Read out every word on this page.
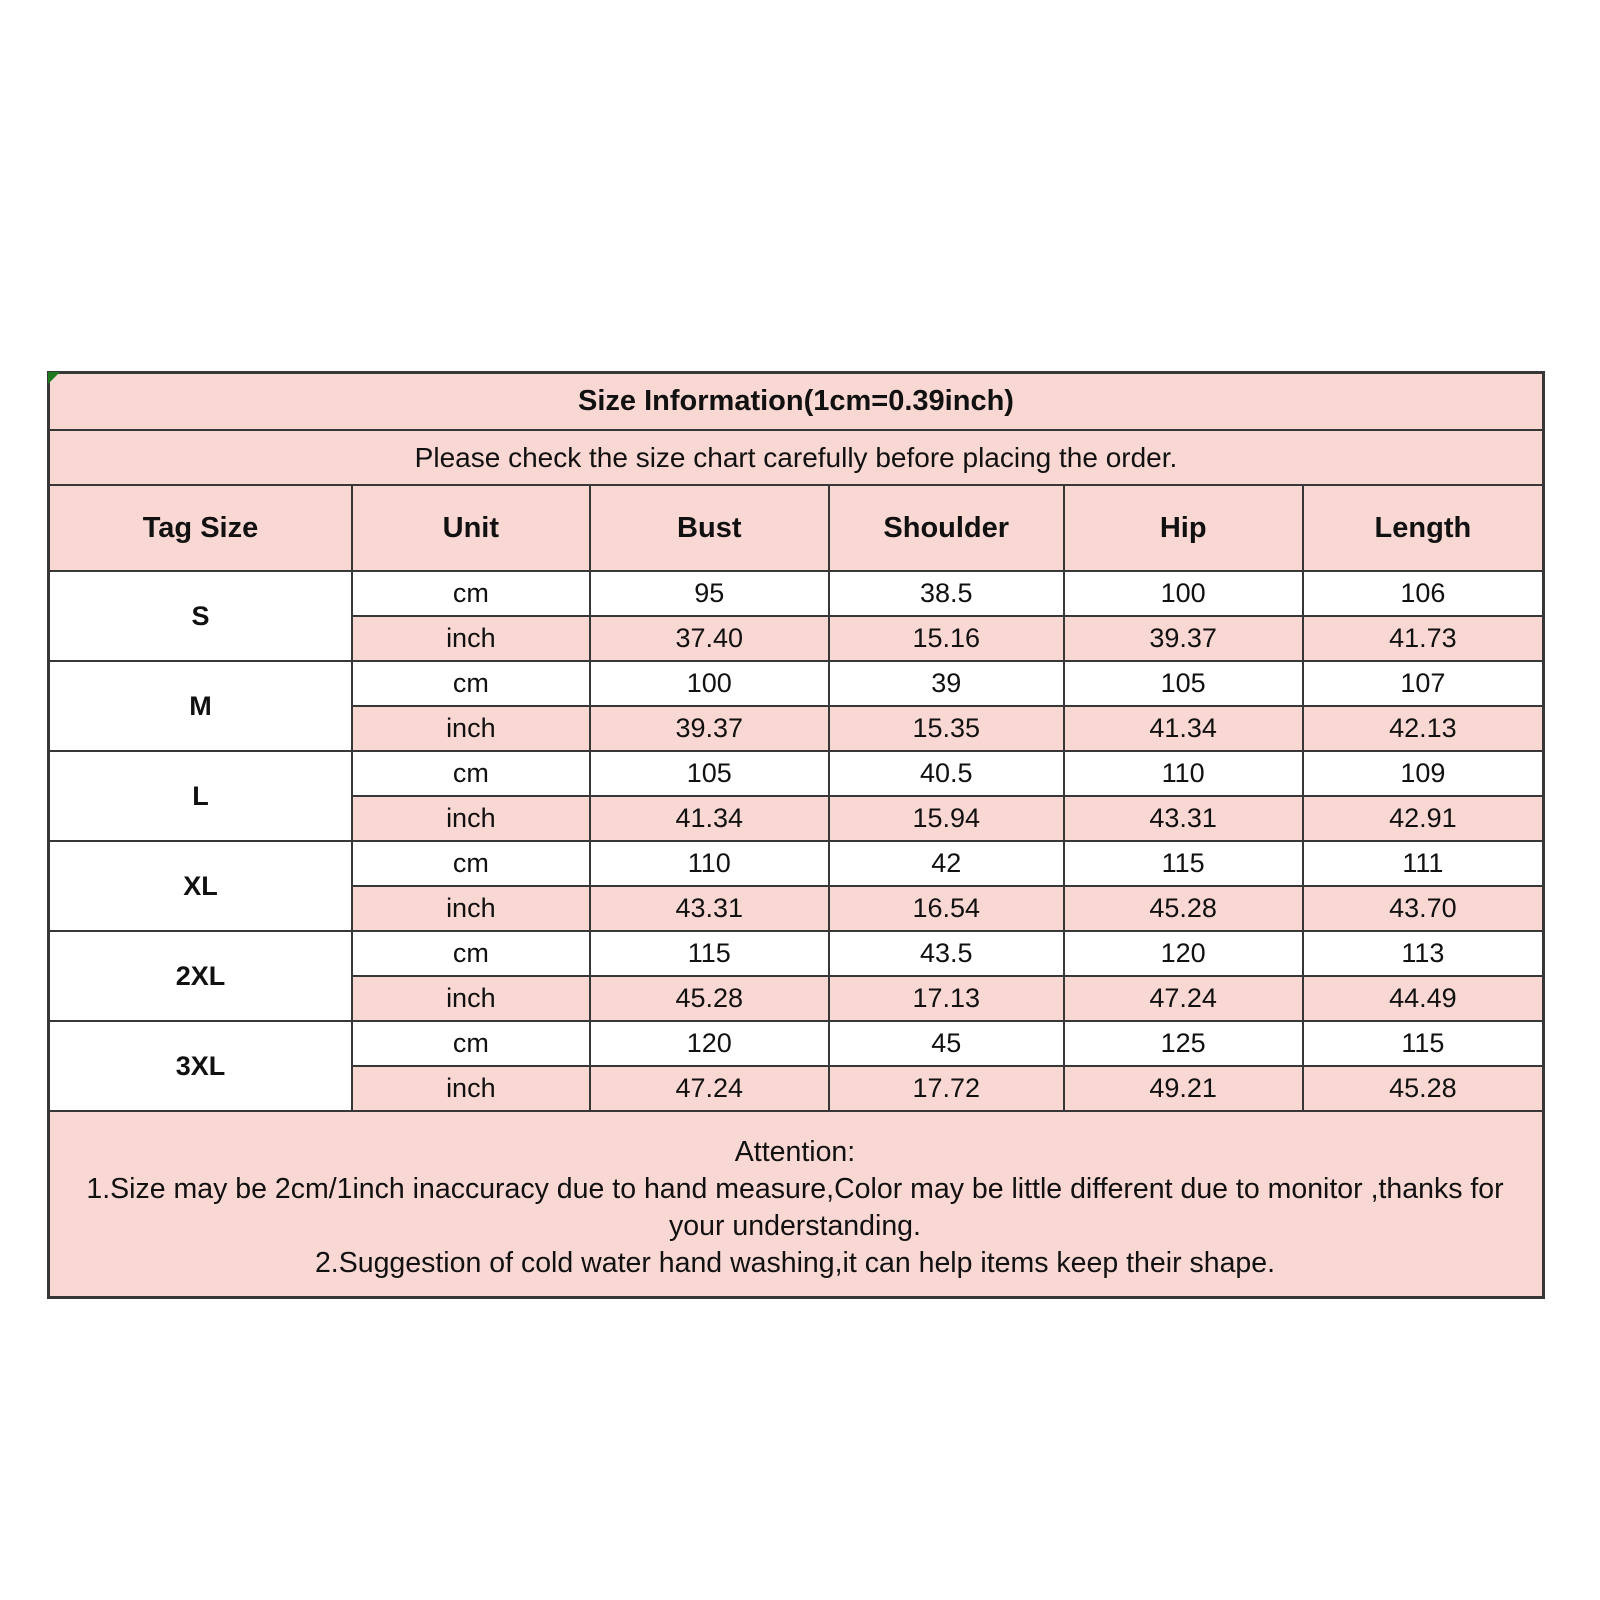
Size Information(1cm=0.39inch)					
Please check the size chart carefully before placing the order.					
Tag Size	Unit	Bust	Shoulder	Hip	Length
S	cm	95	38.5	100	106
	inch	37.40	15.16	39.37	41.73
M	cm	100	39	105	107
	inch	39.37	15.35	41.34	42.13
L	cm	105	40.5	110	109
	inch	41.34	15.94	43.31	42.91
XL	cm	110	42	115	111
	inch	43.31	16.54	45.28	43.70
2XL	cm	115	43.5	120	113
	inch	45.28	17.13	47.24	44.49
3XL	cm	120	45	125	115
	inch	47.24	17.72	49.21	45.28

Attention:

1.Size may be 2cm/1inch inaccuracy due to hand measure,Color may be little different due to monitor ,thanks for your understanding.

2.Suggestion of cold water hand washing,it can help items keep their shape.					
